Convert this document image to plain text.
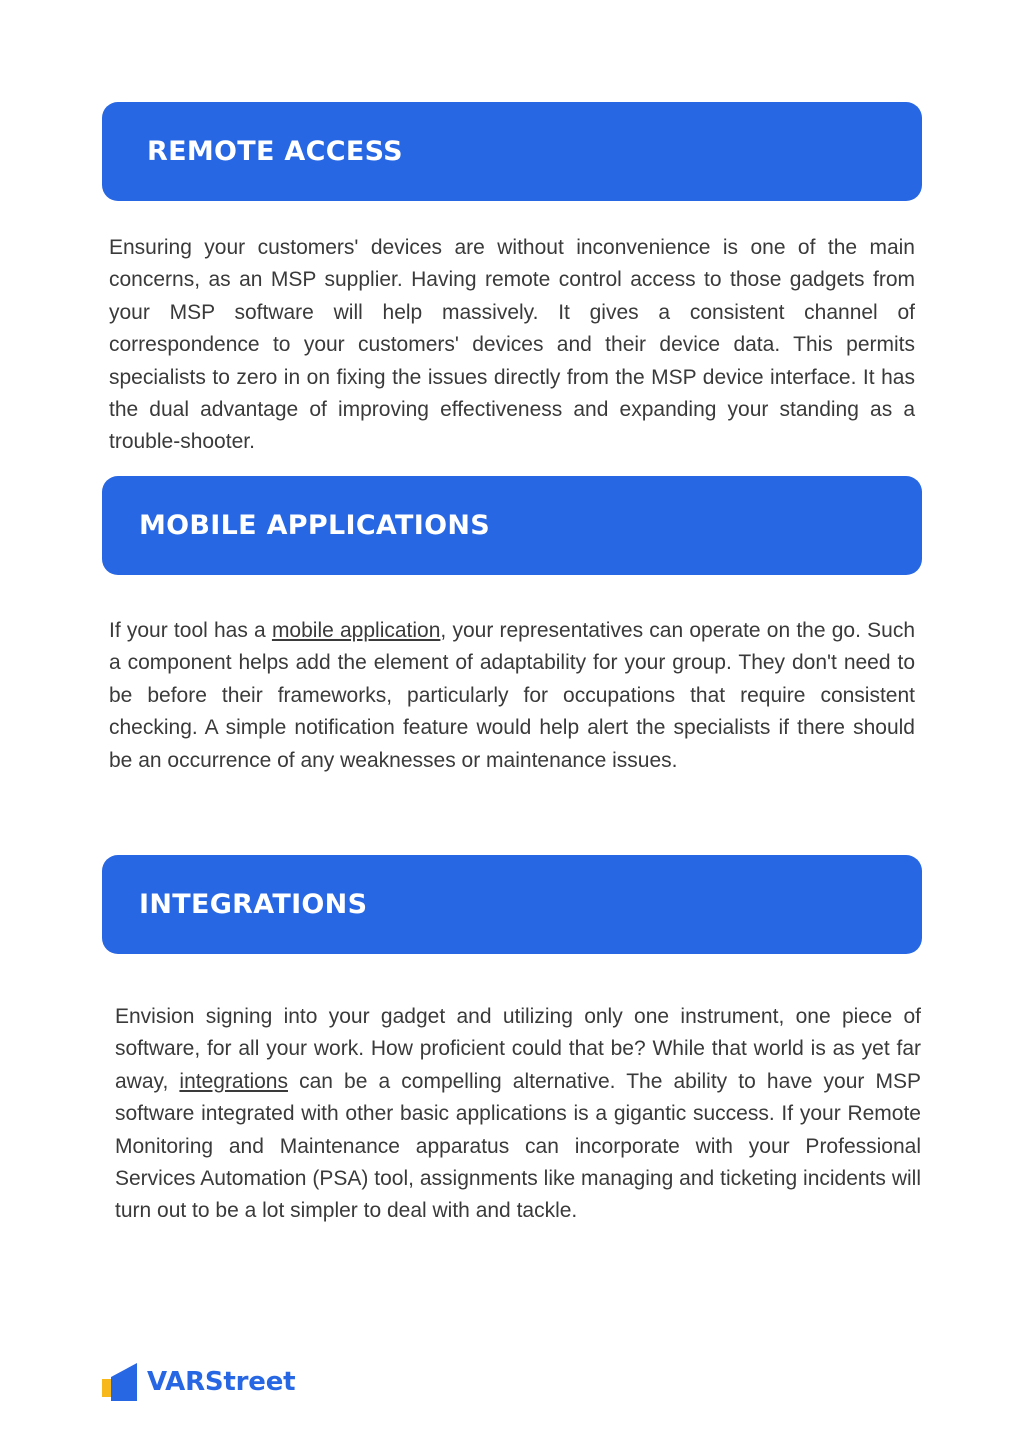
REMOTE ACCESS

Ensuring your customers' devices are without inconvenience is one of the main concerns, as an MSP supplier. Having remote control access to those gadgets from your MSP software will help massively. It gives a consistent channel of correspondence to your customers' devices and their device data. This permits specialists to zero in on fixing the issues directly from the MSP device interface. It has the dual advantage of improving effectiveness and expanding your standing as a trouble-shooter.

MOBILE APPLICATIONS

If your tool has a mobile application, your representatives can operate on the go. Such a component helps add the element of adaptability for your group. They don't need to be before their frameworks, particularly for occupations that require consistent checking. A simple notification feature would help alert the specialists if there should be an occurrence of any weaknesses or maintenance issues.

INTEGRATIONS

Envision signing into your gadget and utilizing only one instrument, one piece of software, for all your work. How proficient could that be? While that world is as yet far away, integrations can be a compelling alternative. The ability to have your MSP software integrated with other basic applications is a gigantic success. If your Remote Monitoring and Maintenance apparatus can incorporate with your Professional Services Automation (PSA) tool, assignments like managing and ticketing incidents will turn out to be a lot simpler to deal with and tackle.

VARStreet
